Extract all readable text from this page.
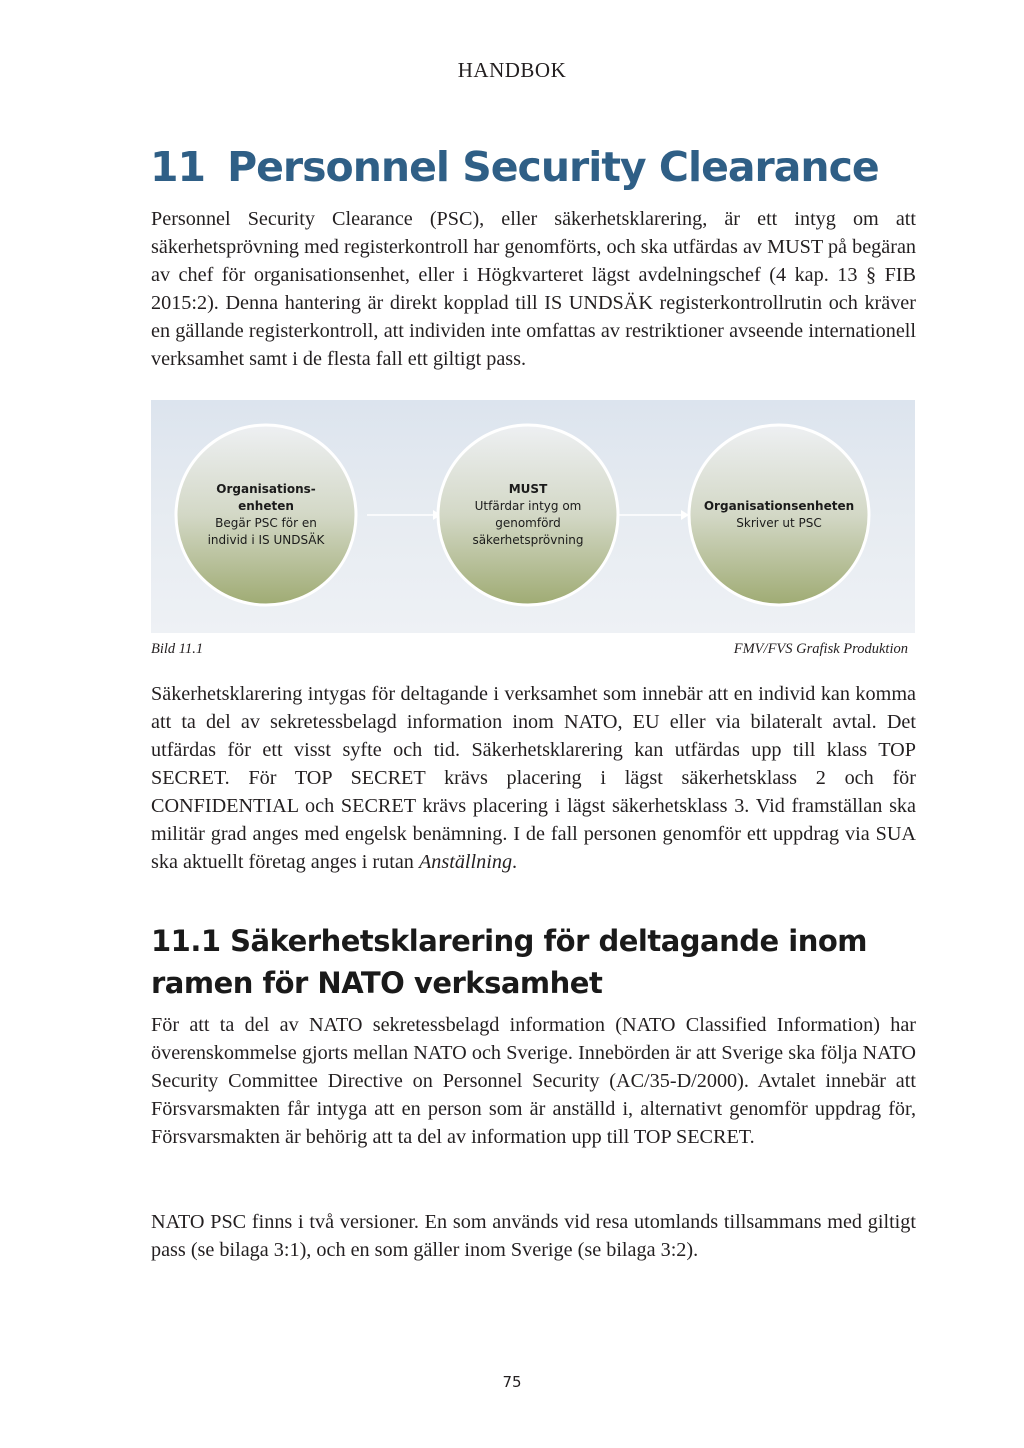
HANDBOK
11 Personnel Security Clearance

Personnel Security Clearance (PSC), eller säkerhetsklarering, är ett intyg om att säkerhetsprövning med registerkontroll har genomförts, och ska utfärdas av MUST på begäran av chef för organisationsenhet, eller i Högkvarteret lägst avdelningschef (4 kap. 13 § FIB 2015:2). Denna hantering är direkt kopplad till IS UNDSÄK registerkontrollrutin och kräver en gällande registerkontroll, att individen inte omfattas av restriktioner avseende internationell verksamhet samt i de flesta fall ett giltigt pass.

Organisations-
enheten
Begär PSC för en
individ i IS UNDSÄK
MUST
Utfärdar intyg om
genomförd
säkerhetsprövning
Organisationsenheten
Skriver ut PSC
Bild 11.1	FMV/FVS Grafisk Produktion

Säkerhetsklarering intygas för deltagande i verksamhet som innebär att en individ kan komma att ta del av sekretessbelagd information inom NATO, EU eller via bilateralt avtal. Det utfärdas för ett visst syfte och tid. Säkerhetsklarering kan utfärdas upp till klass TOP SECRET. För TOP SECRET krävs placering i lägst säkerhetsklass 2 och för CONFIDENTIAL och SECRET krävs placering i lägst säkerhetsklass 3. Vid framställan ska militär grad anges med engelsk benämning. I de fall personen genomför ett uppdrag via SUA ska aktuellt företag anges i rutan Anställning.

11.1 Säkerhetsklarering för deltagande inom ramen för NATO verksamhet

För att ta del av NATO sekretessbelagd information (NATO Classified Information) har överenskommelse gjorts mellan NATO och Sverige. Innebörden är att Sverige ska följa NATO Security Committee Directive on Personnel Security (AC/35-D/2000). Avtalet innebär att Försvarsmakten får intyga att en person som är anställd i, alternativt genomför uppdrag för, Försvarsmakten är behörig att ta del av information upp till TOP SECRET.

NATO PSC finns i två versioner. En som används vid resa utomlands tillsammans med giltigt pass (se bilaga 3:1), och en som gäller inom Sverige (se bilaga 3:2).

75
